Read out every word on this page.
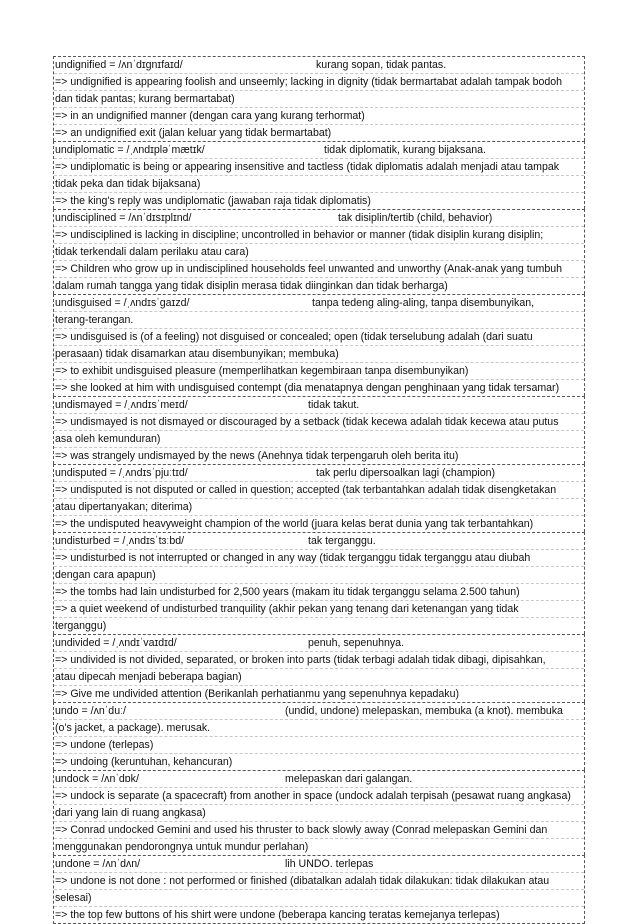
undignified = /ʌnˈdɪɡnɪfaɪd/	kurang sopan, tidak pantas.
=> undignified is appearing foolish and unseemly; lacking in dignity (tidak bermartabat adalah tampak bodoh
dan tidak pantas; kurang bermartabat)
=> in an undignified manner (dengan cara yang kurang terhormat)
=> an undignified exit (jalan keluar yang tidak bermartabat)
undiplomatic = /ˌʌndɪpləˈmætɪk/	tidak diplomatik, kurang bijaksana.
=> undiplomatic is being or appearing insensitive and tactless (tidak diplomatis adalah menjadi atau tampak
tidak peka dan tidak bijaksana)
=> the king's reply was undiplomatic (jawaban raja tidak diplomatis)
undisciplined = /ʌnˈdɪsɪplɪnd/	tak disiplin/tertib (child, behavior)
=> undisciplined is lacking in discipline; uncontrolled in behavior or manner (tidak disiplin kurang disiplin;
tidak terkendali dalam perilaku atau cara)
=> Children who grow up in undisciplined households feel unwanted and unworthy (Anak-anak yang tumbuh
dalam rumah tangga yang tidak disiplin merasa tidak diinginkan dan tidak berharga)
undisguised = /ˌʌndɪsˈɡaɪzd/	tanpa tedeng aling-aling, tanpa disembunyikan,
terang-terangan.
=> undisguised is (of a feeling) not disguised or concealed; open (tidak terselubung adalah (dari suatu
perasaan) tidak disamarkan atau disembunyikan; membuka)
=> to exhibit undisguised pleasure (memperlihatkan kegembiraan tanpa disembunyikan)
=> she looked at him with undisguised contempt (dia menatapnya dengan penghinaan yang tidak tersamar)
undismayed = /ˌʌndɪsˈmeɪd/	tidak takut.
=> undismayed is not dismayed or discouraged by a setback (tidak kecewa adalah tidak kecewa atau putus
asa oleh kemunduran)
=> was strangely undismayed by the news (Anehnya tidak terpengaruh oleh berita itu)
undisputed = /ˌʌndɪsˈpjuːtɪd/	tak perlu dipersoalkan lagi (champion)
=> undisputed is not disputed or called in question; accepted (tak terbantahkan adalah tidak disengketakan
atau dipertanyakan; diterima)
=> the undisputed heavyweight champion of the world (juara kelas berat dunia yang tak terbantahkan)
undisturbed = /ˌʌndɪsˈtɜːbd/	tak terganggu.
=> undisturbed is not interrupted or changed in any way (tidak terganggu tidak terganggu atau diubah
dengan cara apapun)
=> the tombs had lain undisturbed for 2,500 years (makam itu tidak terganggu selama 2.500 tahun)
=> a quiet weekend of undisturbed tranquility (akhir pekan yang tenang dari ketenangan yang tidak
terganggu)
undivided = /ˌʌndɪˈvaɪdɪd/	penuh, sepenuhnya.
=> undivided is not divided, separated, or broken into parts (tidak terbagi adalah tidak dibagi, dipisahkan,
atau dipecah menjadi beberapa bagian)
=> Give me undivided attention (Berikanlah perhatianmu yang sepenuhnya kepadaku)
undo = /ʌnˈduː/	(undid, undone) melepaskan, membuka (a knot). membuka
(o's jacket, a package). merusak.
=> undone (terlepas)
=> undoing (keruntuhan, kehancuran)
undock = /ʌnˈdɒk/	melepaskan dari galangan.
=> undock is separate (a spacecraft) from another in space (undock adalah terpisah (pesawat ruang angkasa)
dari yang lain di ruang angkasa)
=> Conrad undocked Gemini and used his thruster to back slowly away (Conrad melepaskan Gemini dan
menggunakan pendorongnya untuk mundur perlahan)
undone = /ʌnˈdʌn/	lih UNDO. terlepas
=> undone is not done : not performed or finished (dibatalkan adalah tidak dilakukan: tidak dilakukan atau
selesai)
=> the top few buttons of his shirt were undone (beberapa kancing teratas kemejanya terlepas)
